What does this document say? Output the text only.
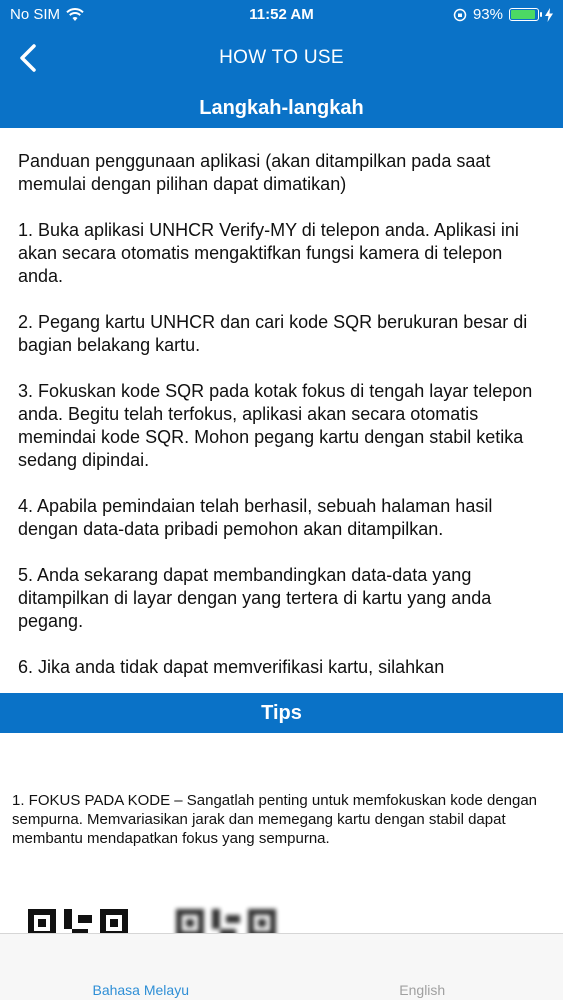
No SIM	11:52 AM	93%
HOW TO USE
Langkah-langkah

Panduan penggunaan aplikasi (akan ditampilkan pada saat memulai dengan pilihan dapat dimatikan)

1. Buka aplikasi UNHCR Verify-MY di telepon anda. Aplikasi ini akan secara otomatis mengaktifkan fungsi kamera di telepon anda.

2. Pegang kartu UNHCR dan cari kode SQR berukuran besar di bagian belakang kartu.

3. Fokuskan kode SQR pada kotak fokus di tengah layar telepon anda. Begitu telah terfokus, aplikasi akan secara otomatis memindai kode SQR. Mohon pegang kartu dengan stabil ketika sedang dipindai.

4. Apabila pemindaian telah berhasil, sebuah halaman hasil dengan data-data pribadi pemohon akan ditampilkan.

5. Anda sekarang dapat membandingkan data-data yang ditampilkan di layar dengan yang tertera di kartu yang anda pegang.

6. Jika anda tidak dapat memverifikasi kartu, silahkan

Tips

1. FOKUS PADA KODE – Sangatlah penting untuk memfokuskan kode dengan sempurna. Memvariasikan jarak dan memegang kartu dengan stabil dapat membantu mendapatkan fokus yang sempurna.

Bahasa Melayu	English
